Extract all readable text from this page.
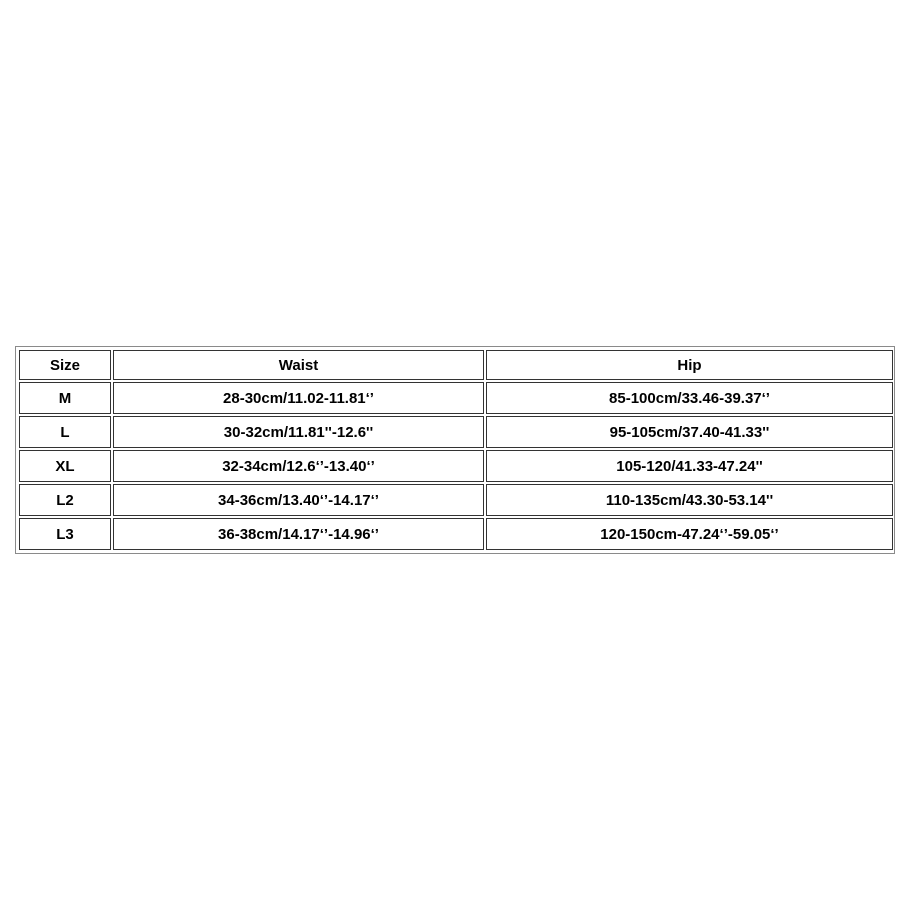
Size	Waist	Hip
M	28-30cm/11.02-11.81‘’	85-100cm/33.46-39.37‘’
L	30-32cm/11.81''-12.6''	95-105cm/37.40-41.33''
XL	32-34cm/12.6‘’-13.40‘’	105-120/41.33-47.24''
L2	34-36cm/13.40‘’-14.17‘’	110-135cm/43.30-53.14''
L3	36-38cm/14.17‘’-14.96‘’	120-150cm-47.24‘’-59.05‘’
